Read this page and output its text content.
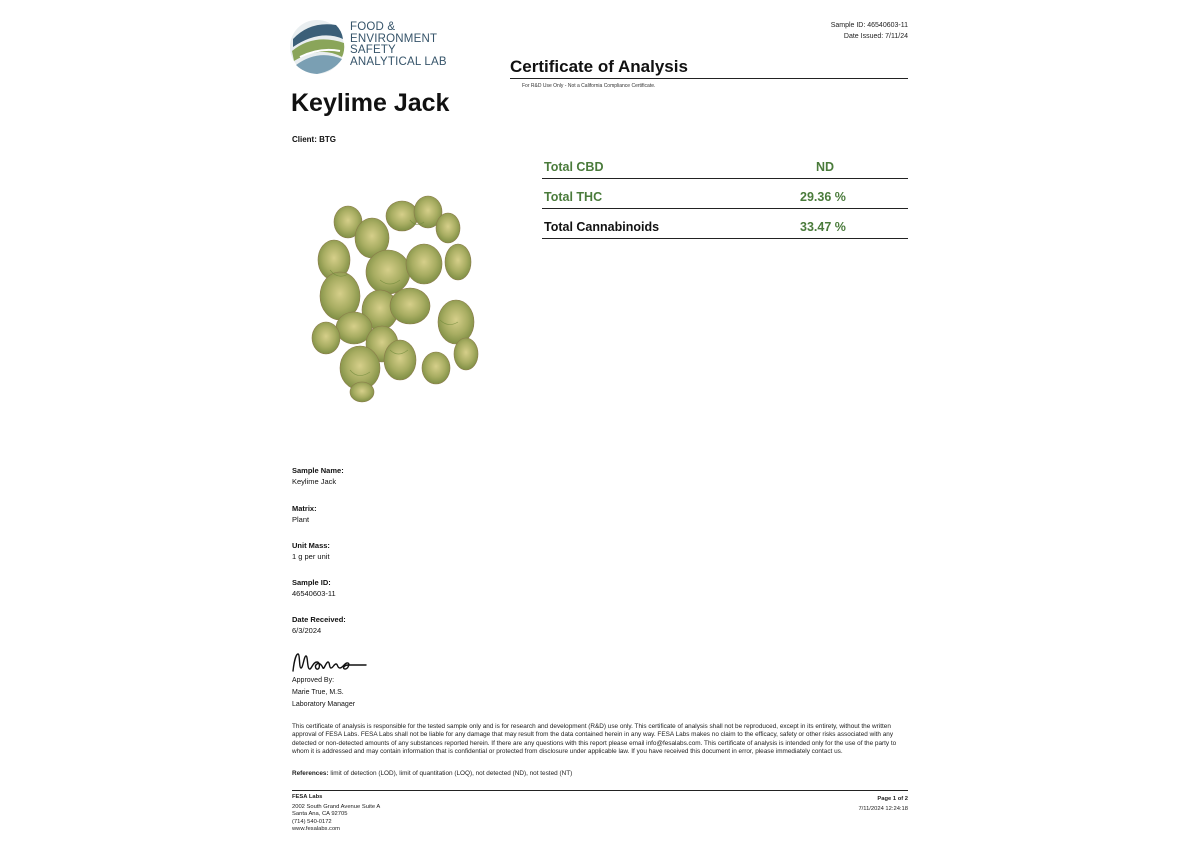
FOOD &
ENVIRONMENT
SAFETY
ANALYTICAL LAB
Sample ID: 46540603-11
Date Issued: 7/11/24
Certificate of Analysis
For R&D Use Only - Not a California Compliance Certificate.
Keylime Jack
Client: BTG
Total CBD	ND
Total THC	29.36 %
Total Cannabinoids	33.47 %
Sample Name:
Keylime Jack
Matrix:
Plant
Unit Mass:
1 g per unit
Sample ID:
46540603-11
Date Received:
6/3/2024
Approved By:
Marie True, M.S.
Laboratory Manager
This certificate of analysis is responsible for the tested sample only and is for research and development (R&D) use only. This certificate of analysis shall not be reproduced, except in its entirety, without the written approval of FESA Labs. FESA Labs shall not be liable for any damage that may result from the data contained herein in any way. FESA Labs makes no claim to the efficacy, safety or other risks associated with any detected or non-detected amounts of any substances reported herein. If there are any questions with this report please email info@fesalabs.com. This certificate of analysis is intended only for the use of the party to whom it is addressed and may contain information that is confidential or protected from disclosure under applicable law. If you have received this document in error, please immediately contact us.
References: limit of detection (LOD), limit of quantitation (LOQ), not detected (ND), not tested (NT)
FESA Labs
2002 South Grand Avenue Suite A
Santa Ana, CA 92705
(714) 540-0172
www.fesalabs.com
Page 1 of 2
7/11/2024 12:24:18
